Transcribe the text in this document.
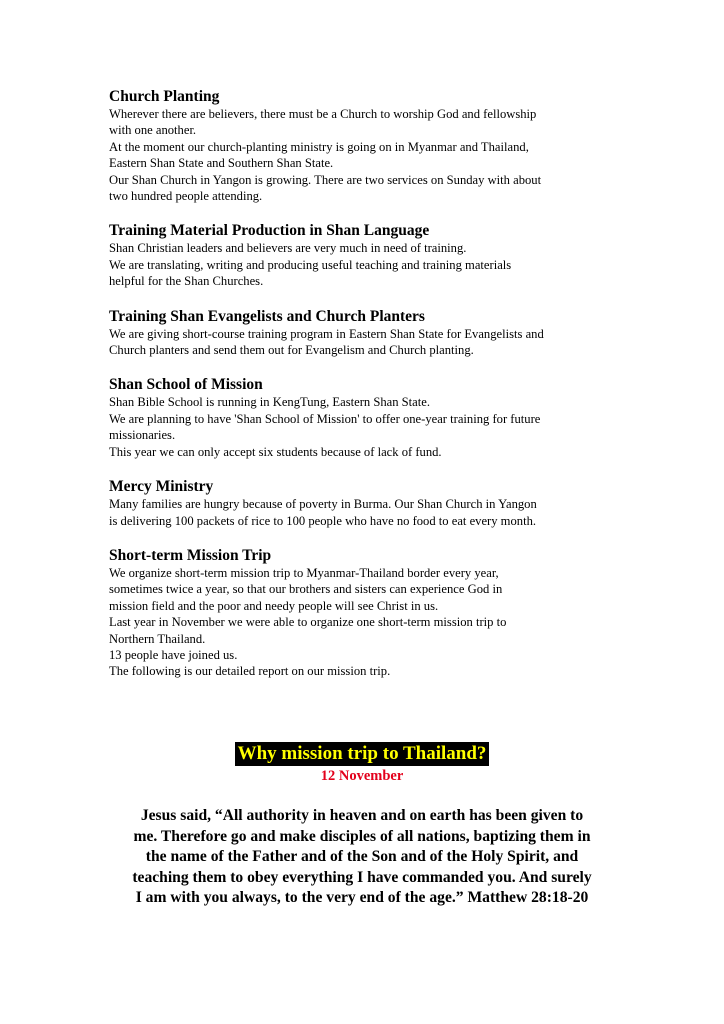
Church Planting

Wherever there are believers, there must be a Church to worship God and fellowship

with one another.

At the moment our church-planting ministry is going on in Myanmar and Thailand,

Eastern Shan State and Southern Shan State.

Our Shan Church in Yangon is growing. There are two services on Sunday with about

two hundred people attending.

Training Material Production in Shan Language

Shan Christian leaders and believers are very much in need of training.

We are translating, writing and producing useful teaching and training materials

helpful for the Shan Churches.

Training Shan Evangelists and Church Planters

We are giving short-course training program in Eastern Shan State for Evangelists and

Church planters and send them out for Evangelism and Church planting.

Shan School of Mission

Shan Bible School is running in KengTung, Eastern Shan State.

We are planning to have 'Shan School of Mission' to offer one-year training for future

missionaries.

This year we can only accept six students because of lack of fund.

Mercy Ministry

Many families are hungry because of poverty in Burma. Our Shan Church in Yangon

is delivering 100 packets of rice to 100 people who have no food to eat every month.

Short-term Mission Trip

We organize short-term mission trip to Myanmar-Thailand border every year,

sometimes twice a year, so that our brothers and sisters can experience God in

mission field and the poor and needy people will see Christ in us.

Last year in November we were able to organize one short-term mission trip to

Northern Thailand.

13 people have joined us.

The following is our detailed report on our mission trip.

Why mission trip to Thailand?
12 November
Jesus said, “All authority in heaven and on earth has been given to
me. Therefore go and make disciples of all nations, baptizing them in
the name of the Father and of the Son and of the Holy Spirit, and
teaching them to obey everything I have commanded you. And surely
I am with you always, to the very end of the age.” Matthew 28:18-20
